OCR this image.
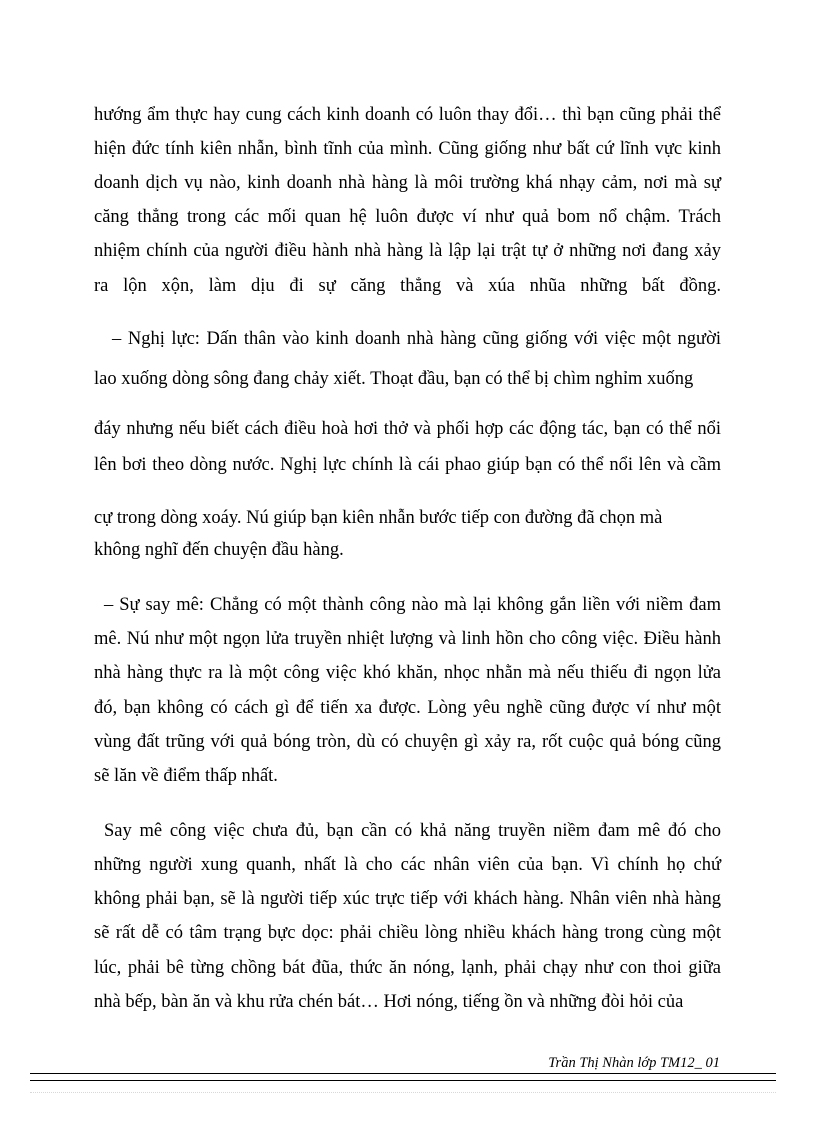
hướng ẩm thực hay cung cách kinh doanh có luôn thay đổi… thì bạn cũng phải thể
hiện đức tính kiên nhẫn, bình tĩnh của mình. Cũng giống như bất cứ lĩnh vực kinh
doanh dịch vụ nào, kinh doanh nhà hàng là môi trường khá nhạy cảm, nơi mà sự
căng thẳng trong các mối quan hệ luôn được ví như quả bom nổ chậm. Trách
nhiệm chính của người điều hành nhà hàng là lập lại trật tự ở những nơi đang xảy
ra lộn xộn, làm dịu đi sự căng thẳng và xúa nhũa những bất đồng.
– Nghị lực: Dấn thân vào kinh doanh nhà hàng cũng giống với việc một người
lao xuống dòng sông đang chảy xiết. Thoạt đầu, bạn có thể bị chìm nghỉm xuống
đáy nhưng nếu biết cách điều hoà hơi thở và phối hợp các động tác, bạn có thể nổi
lên bơi theo dòng nước. Nghị lực chính là cái phao giúp bạn có thể nổi lên và cầm
cự trong dòng xoáy. Nú giúp bạn kiên nhẫn bước tiếp con đường đã chọn mà
không nghĩ đến chuyện đầu hàng.
– Sự say mê: Chẳng có một thành công nào mà lại không gắn liền với niềm đam
mê. Nú như một ngọn lửa truyền nhiệt lượng và linh hồn cho công việc. Điều hành
nhà hàng thực ra là một công việc khó khăn, nhọc nhằn mà nếu thiếu đi ngọn lửa
đó, bạn không có cách gì để tiến xa được. Lòng yêu nghề cũng được ví như một
vùng đất trũng với quả bóng tròn, dù có chuyện gì xảy ra, rốt cuộc quả bóng cũng
sẽ lăn về điểm thấp nhất.
Say mê công việc chưa đủ, bạn cần có khả năng truyền niềm đam mê đó cho
những người xung quanh, nhất là cho các nhân viên của bạn. Vì chính họ chứ
không phải bạn, sẽ là người tiếp xúc trực tiếp với khách hàng. Nhân viên nhà hàng
sẽ rất dễ có tâm trạng bực dọc: phải chiều lòng nhiều khách hàng trong cùng một
lúc, phải bê từng chồng bát đũa, thức ăn nóng, lạnh, phải chạy như con thoi giữa
nhà bếp, bàn ăn và khu rửa chén bát… Hơi nóng, tiếng ồn và những đòi hỏi của
Trần Thị Nhàn lớp TM12_ 01
